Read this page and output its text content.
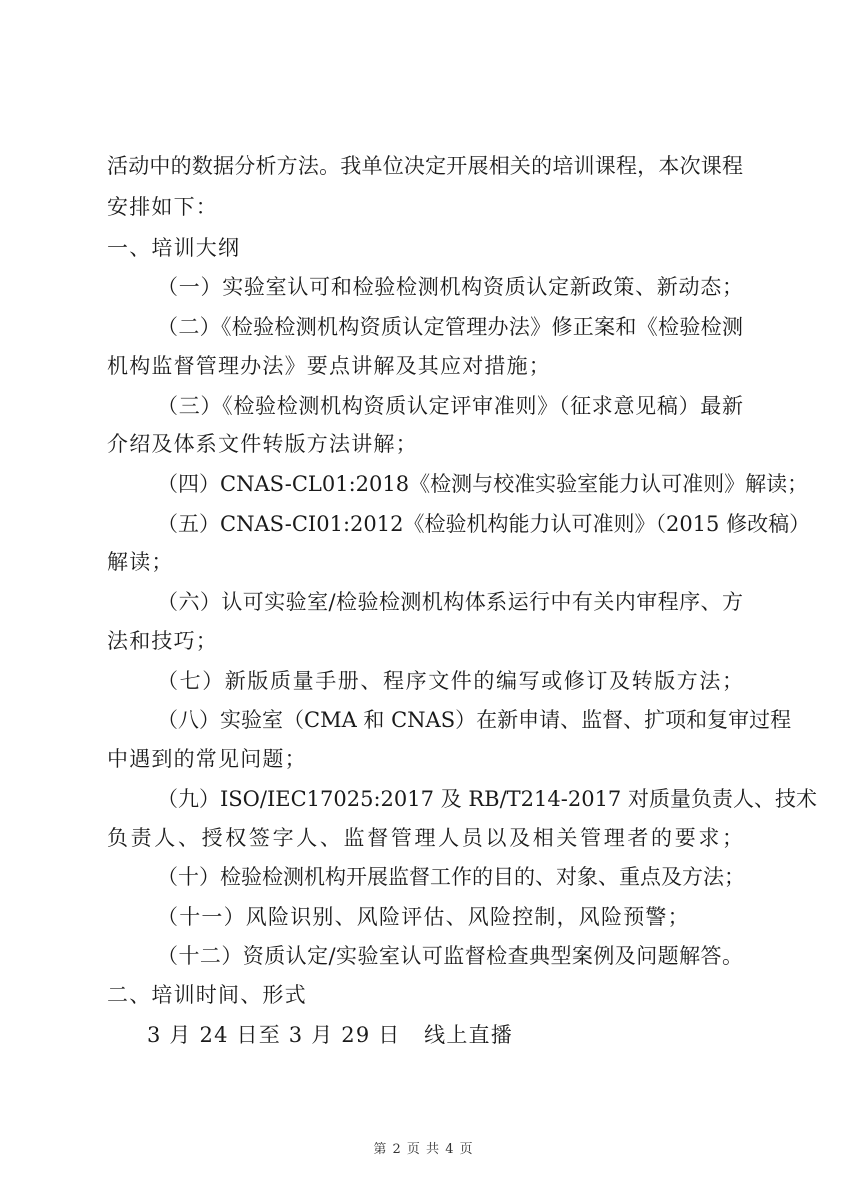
活动中的数据分析方法。我单位决定开展相关的培训课程，本次课程
安排如下：
一、培训大纲
（一）实验室认可和检验检测机构资质认定新政策、新动态；
（二）《检验检测机构资质认定管理办法》修正案和《检验检测
机构监督管理办法》要点讲解及其应对措施；
（三）《检验检测机构资质认定评审准则》（征求意见稿）最新
介绍及体系文件转版方法讲解；
（四）CNAS-CL01:2018《检测与校准实验室能力认可准则》解读；
（五）CNAS-CI01:2012《检验机构能力认可准则》（2015 修改稿）
解读；
（六）认可实验室/检验检测机构体系运行中有关内审程序、方
法和技巧；
（七）新版质量手册、程序文件的编写或修订及转版方法；
（八）实验室（CMA 和 CNAS）在新申请、监督、扩项和复审过程
中遇到的常见问题；
（九）ISO/IEC17025:2017 及 RB/T214-2017 对质量负责人、技术
负责人、授权签字人、监督管理人员以及相关管理者的要求；
（十）检验检测机构开展监督工作的目的、对象、重点及方法；
（十一）风险识别、风险评估、风险控制，风险预警；
（十二）资质认定/实验室认可监督检查典型案例及问题解答。
二、培训时间、形式
3 月 24 日至 3 月 29 日   线上直播
第 2 页 共 4 页
